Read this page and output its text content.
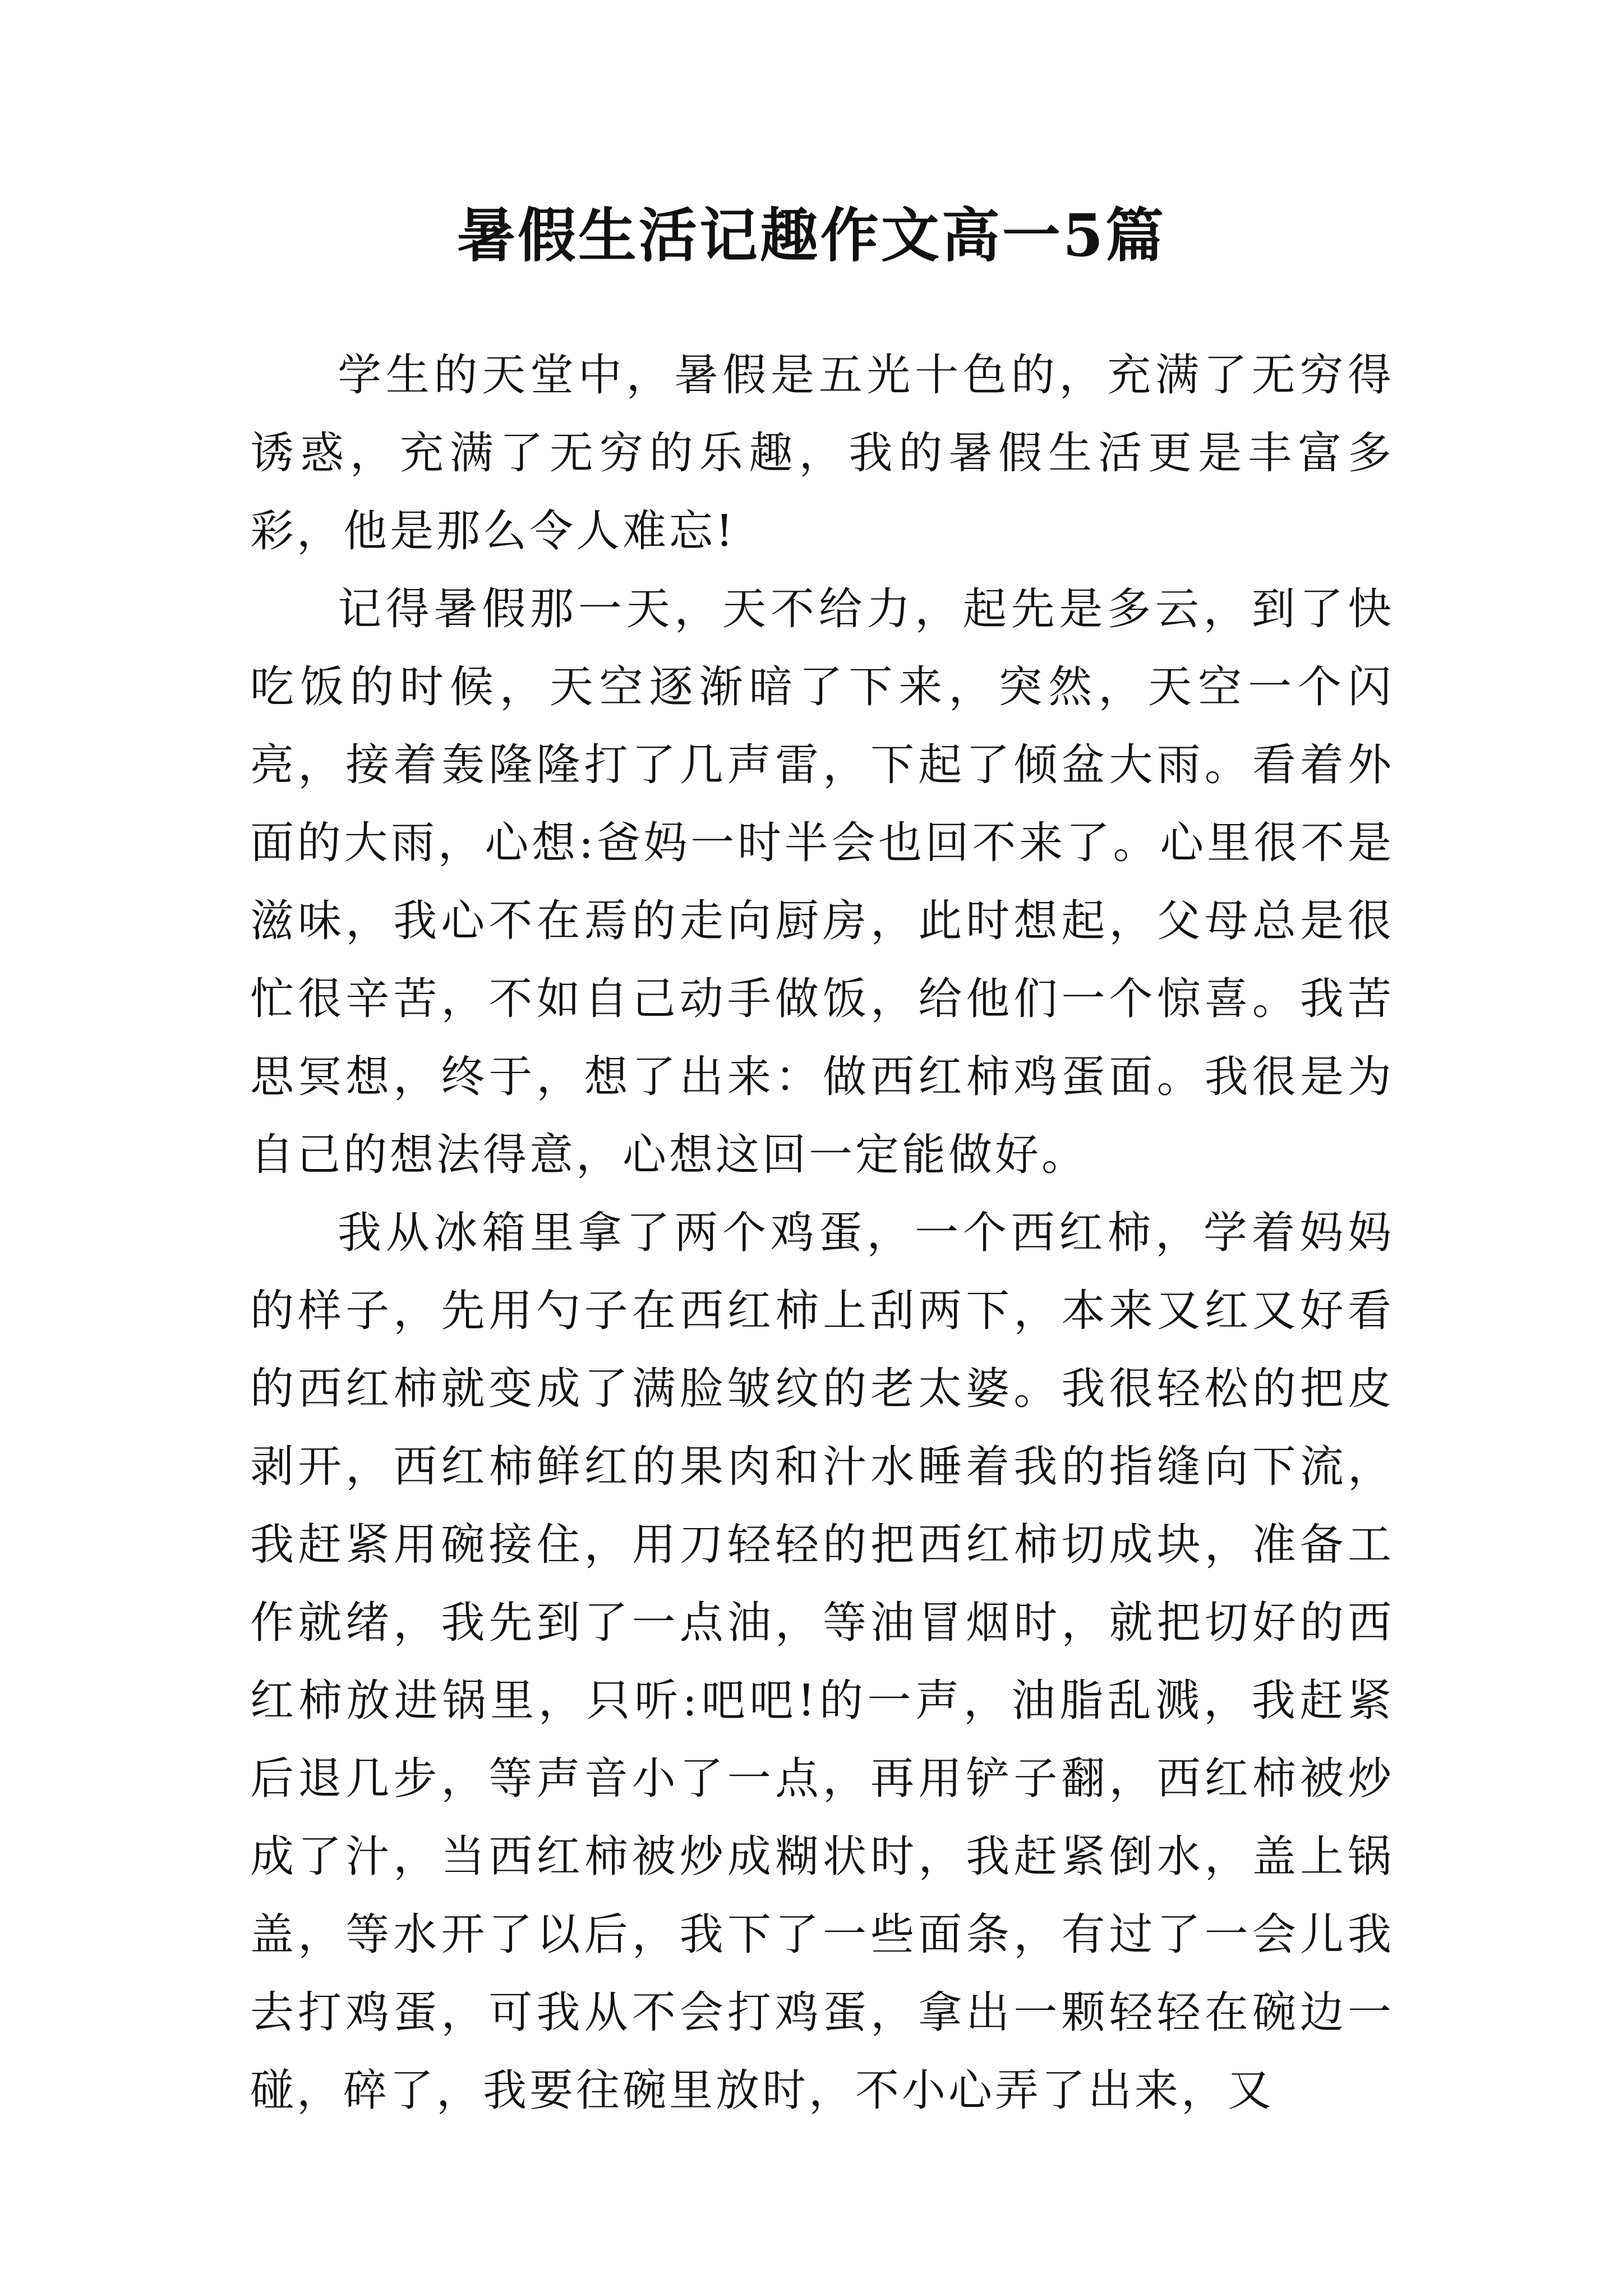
暑假生活记趣作文高一5篇

学生的天堂中，暑假是五光十色的，充满了无穷得诱惑，充满了无穷的乐趣，我的暑假生活更是丰富多彩，他是那么令人难忘!

记得暑假那一天，天不给力，起先是多云，到了快吃饭的时候，天空逐渐暗了下来，突然，天空一个闪亮，接着轰隆隆打了几声雷，下起了倾盆大雨。看着外面的大雨，心想:爸妈一时半会也回不来了。心里很不是滋味，我心不在焉的走向厨房，此时想起，父母总是很忙很辛苦，不如自己动手做饭，给他们一个惊喜。我苦思冥想，终于，想了出来：做西红柿鸡蛋面。我很是为自己的想法得意，心想这回一定能做好。

我从冰箱里拿了两个鸡蛋，一个西红柿，学着妈妈的样子，先用勺子在西红柿上刮两下，本来又红又好看的西红柿就变成了满脸皱纹的老太婆。我很轻松的把皮剥开，西红柿鲜红的果肉和汁水睡着我的指缝向下流，我赶紧用碗接住，用刀轻轻的把西红柿切成块，准备工作就绪，我先到了一点油，等油冒烟时，就把切好的西红柿放进锅里，只听:吧吧!的一声，油脂乱溅，我赶紧后退几步，等声音小了一点，再用铲子翻，西红柿被炒成了汁，当西红柿被炒成糊状时，我赶紧倒水，盖上锅盖，等水开了以后，我下了一些面条，有过了一会儿我去打鸡蛋，可我从不会打鸡蛋，拿出一颗轻轻在碗边一碰，碎了，我要往碗里放时，不小心弄了出来，又
